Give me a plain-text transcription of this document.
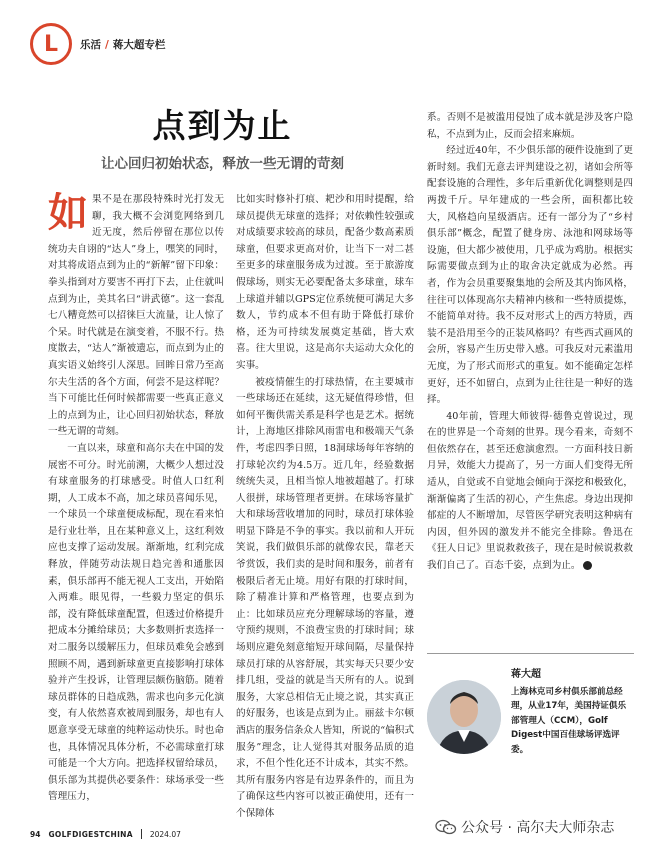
L 乐活 / 蒋大超专栏
点到为止
让心回归初始状态，释放一些无谓的苛刻

如果不是在那段特殊时光打发无聊，我大概不会浏览网络到几近无度，然后停留在那位以传统功夫自诩的“达人”身上，嘿笑的同时，对其将成语点到为止的“新解”留下印象：拳头指到对方要害不再打下去，止住就叫点到为止，美其名曰“讲武德”。这一套乱七八糟竟然可以招徕巨大流量，让人惊了个呆。时代就是在演变着，不服不行。热度散去，“达人”渐被遗忘，而点到为止的真实语义始终引人深思。回眸日常乃至高尔夫生活的各个方面，何尝不是这样呢？当下可能比任何时候都需要一些真正意义上的点到为止，让心回归初始状态，释放一些无谓的苛刻。

一直以来，球童和高尔夫在中国的发展密不可分。时光前溯，大概少人想过没有球童服务的打球感受。时值人口红利期，人工成本不高，加之球员喜闻乐见，一个球员一个球童便成标配，现在看来怕是行业壮举，且在某种意义上，这红利效应也支撑了运动发展。渐渐地，红利完成释放，伴随劳动法规日趋完善和通胀因素，俱乐部再不能无视人工支出，开始陷入两难。眼见得，一些毅力坚定的俱乐部，没有降低球童配置，但透过价格提升把成本分摊给球员；大多数则折衷选择一对二服务以缓解压力，但球员难免会感到照顾不周，遇到新球童更直接影响打球体验并产生投诉，让管理层颇伤脑筋。随着球员群体的日趋成熟，需求也向多元化演变，有人依然喜欢被周到服务，却也有人愿意享受无球童的纯粹运动快乐。时也命也，具体情况具体分析，不必需球童打球可能是一个大方向。把选择权留给球员，俱乐部为其提供必要条件：球场承受一些管理压力，

比如实时修补打痕、耙沙和用时提醒，给球员提供无球童的选择；对依赖性较强或对成绩要求较高的球员，配备少数高素质球童，但要求更高对价，让当下一对二甚至更多的球童服务成为过渡。至于旅游度假球场，则实无必要配备太多球童，球车上球道并辅以GPS定位系统便可满足大多数人，节约成本不但有助于降低打球价格，还为可持续发展奠定基础，皆大欢喜。往大里说，这是高尔夫运动大众化的实事。

被疫情催生的打球热情，在主要城市一些球场还在延续，这无疑值得珍惜，但如何平衡供需关系是科学也是艺术。据统计，上海地区排除风雨雷电和极端天气条件，考虑四季日照，18洞球场每年容纳的打球轮次约为4.5万。近几年，经验数据统统失灵，且相当惊人地被超越了。打球人很拼，球场管理者更拼。在球场容量扩大和球场营收增加的同时，球员打球体验明显下降是不争的事实。我以前和人开玩笑说，我们做俱乐部的就像农民，靠老天爷赏饭，我们卖的是时间和服务，前者有极限后者无止境。用好有限的打球时间，除了精准计算和严格管理，也要点到为止：比如球员应充分理解球场的容量，遵守预约规则，不浪费宝贵的打球时间；球场则应避免刻意缩短开球间隔，尽量保持球员打球的从容舒展，其实每天只要少安排几组，受益的就是当天所有的人。说到服务，大家总相信无止境之说，其实真正的好服务，也该是点到为止。丽兹卡尔顿酒店的服务信条众人皆知，所说的“偏积式服务”理念，让人觉得其对服务品质的追求，不但个性化还不计成本，其实不然。其所有服务内容是有边界条件的，而且为了确保这些内容可以被正确使用，还有一个保障体

系。否则不是被滥用侵蚀了成本就是涉及客户隐私，不点到为止，反而会招来麻烦。

经过近40年，不少俱乐部的硬件设施到了更新时刻。我们无意去评判建设之初，诸如会所等配套设施的合理性，多年后重新优化调整则是四两拨千斤。早年建成的一些会所，面积都比较大，风格趋向星级酒店。还有一部分为了“乡村俱乐部”概念，配置了健身房、泳池和网球场等设施，但大都少被使用，几乎成为鸡肋。根据实际需要做点到为止的取舍决定就成为必然。再者，作为会员重要聚集地的会所及其内饰风格，往往可以体现高尔夫精神内核和一些特质提炼，不能简单对待。我不反对形式上的西方特质，西装不是沿用至今的正装风格吗？有些西式画风的会所，容易产生历史带入感。可我反对元素滥用无度，为了形式而形式的重复。如不能确定怎样更好，还不如留白，点到为止往往是一种好的选择。

40年前，管理大师彼得·德鲁克曾说过，现在的世界是一个奇刻的世界。现今看来，奇刻不但依然存在，甚至还愈演愈烈。一方面科技日新月异，效能大力提高了，另一方面人们变得无所适从，自觉或不自觉地会倾向于深挖和极致化，渐渐偏离了生活的初心，产生焦虑。身边出现抑郁症的人不断增加，尽管医学研究表明这种病有内因，但外因的激发并不能完全排除。鲁迅在《狂人日记》里说救救孩子，现在是时候说救救我们自己了。百态千姿，点到为止。	L

蒋大超
上海林克司乡村俱乐部前总经理，从业17年，美国持证俱乐部管理人（CCM），Golf Digest中国百佳球场评选评委。
94 GOLFDIGESTCHINA 2024.07	公众号 · 高尔夫大师杂志
